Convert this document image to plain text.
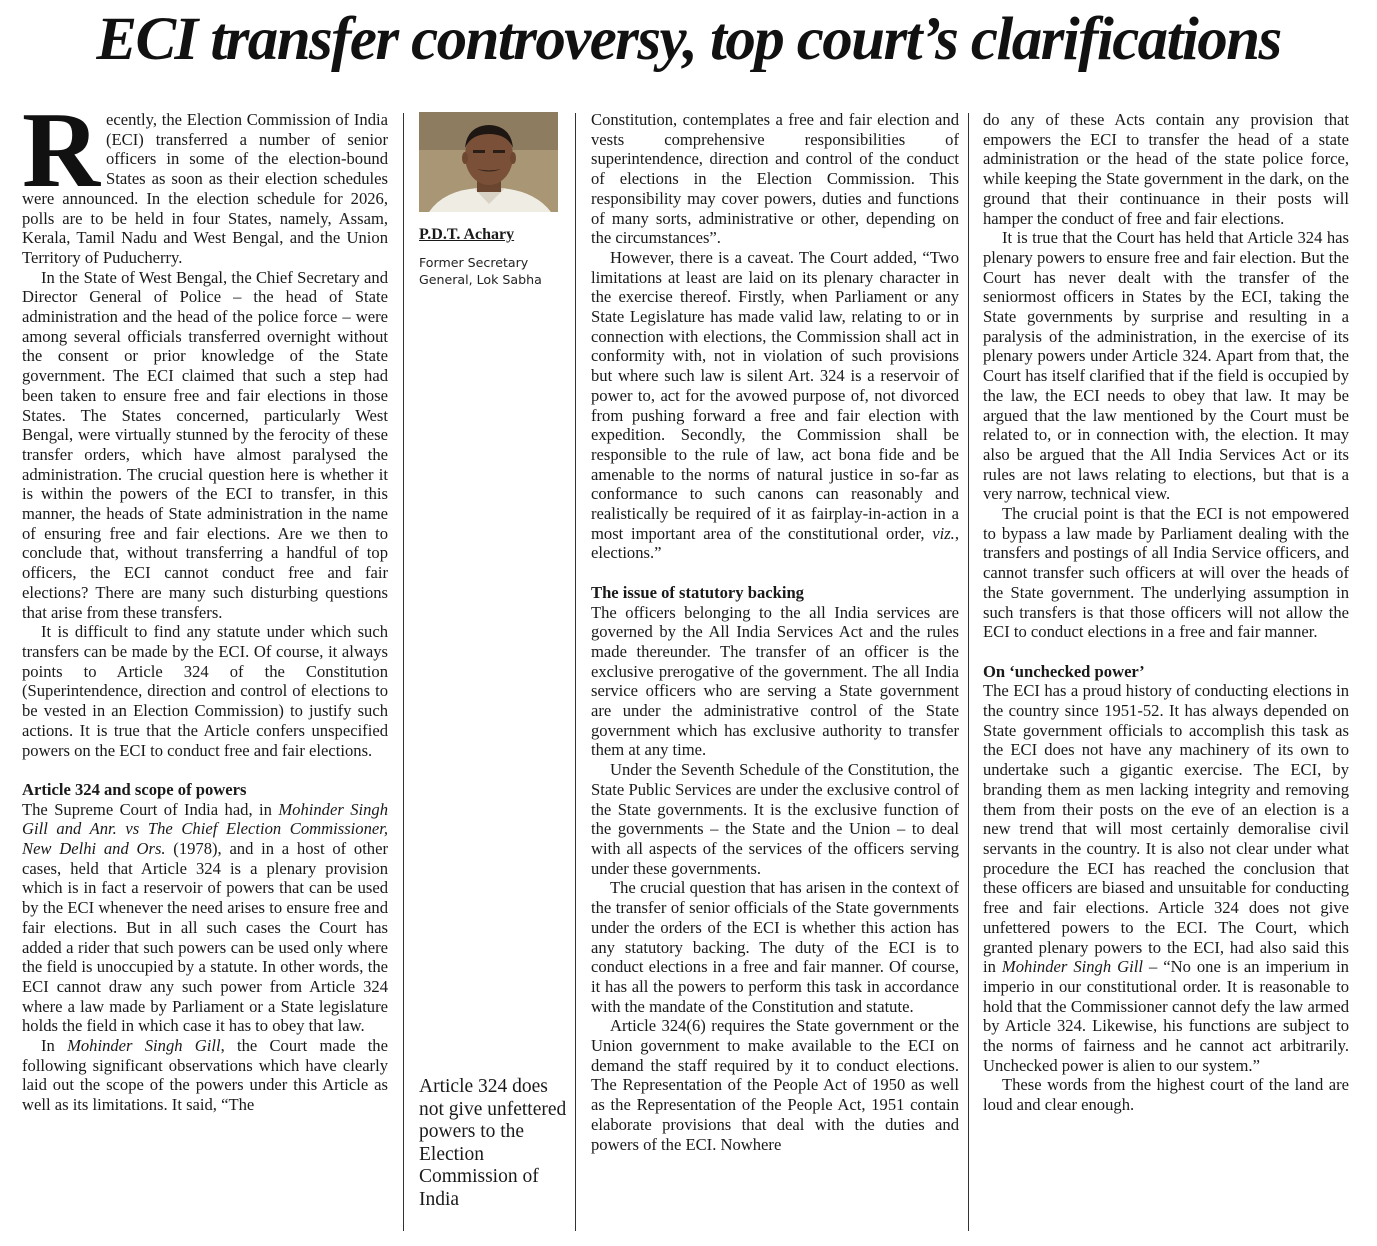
ECI transfer controversy, top court’s clarifications

Recently, the Election Commission of India (ECI) transferred a number of senior officers in some of the election-bound States as soon as their election schedules were announced. In the election schedule for 2026, polls are to be held in four States, namely, Assam, Kerala, Tamil Nadu and West Bengal, and the Union Territory of Puducherry.

In the State of West Bengal, the Chief Secretary and Director General of Police – the head of State administration and the head of the police force – were among several officials transferred overnight without the consent or prior knowledge of the State government. The ECI claimed that such a step had been taken to ensure free and fair elections in those States. The States concerned, particularly West Bengal, were virtually stunned by the ferocity of these transfer orders, which have almost paralysed the administration. The crucial question here is whether it is within the powers of the ECI to transfer, in this manner, the heads of State administration in the name of ensuring free and fair elections. Are we then to conclude that, without transferring a handful of top officers, the ECI cannot conduct free and fair elections? There are many such disturbing questions that arise from these transfers.

It is difficult to find any statute under which such transfers can be made by the ECI. Of course, it always points to Article 324 of the Constitution (Superintendence, direction and control of elections to be vested in an Election Commission) to justify such actions. It is true that the Article confers unspecified powers on the ECI to conduct free and fair elections.

Article 324 and scope of powers

The Supreme Court of India had, in Mohinder Singh Gill and Anr. vs The Chief Election Commissioner, New Delhi and Ors. (1978), and in a host of other cases, held that Article 324 is a plenary provision which is in fact a reservoir of powers that can be used by the ECI whenever the need arises to ensure free and fair elections. But in all such cases the Court has added a rider that such powers can be used only where the field is unoccupied by a statute. In other words, the ECI cannot draw any such power from Article 324 where a law made by Parliament or a State legislature holds the field in which case it has to obey that law.

In Mohinder Singh Gill, the Court made the following significant observations which have clearly laid out the scope of the powers under this Article as well as its limitations. It said, “The

P.D.T. Achary
Former Secretary General, Lok Sabha
Article 324 does not give unfettered powers to the Election Commission of India

Constitution, contemplates a free and fair election and vests comprehensive responsibilities of superintendence, direction and control of the conduct of elections in the Election Commission. This responsibility may cover powers, duties and functions of many sorts, administrative or other, depending on the circumstances”.

However, there is a caveat. The Court added, “Two limitations at least are laid on its plenary character in the exercise thereof. Firstly, when Parliament or any State Legislature has made valid law, relating to or in connection with elections, the Commission shall act in conformity with, not in violation of such provisions but where such law is silent Art. 324 is a reservoir of power to, act for the avowed purpose of, not divorced from pushing forward a free and fair election with expedition. Secondly, the Commission shall be responsible to the rule of law, act bona fide and be amenable to the norms of natural justice in so-far as conformance to such canons can reasonably and realistically be required of it as fairplay-in-action in a most important area of the constitutional order, viz., elections.”

The issue of statutory backing

The officers belonging to the all India services are governed by the All India Services Act and the rules made thereunder. The transfer of an officer is the exclusive prerogative of the government. The all India service officers who are serving a State government are under the administrative control of the State government which has exclusive authority to transfer them at any time.

Under the Seventh Schedule of the Constitution, the State Public Services are under the exclusive control of the State governments. It is the exclusive function of the governments – the State and the Union – to deal with all aspects of the services of the officers serving under these governments.

The crucial question that has arisen in the context of the transfer of senior officials of the State governments under the orders of the ECI is whether this action has any statutory backing. The duty of the ECI is to conduct elections in a free and fair manner. Of course, it has all the powers to perform this task in accordance with the mandate of the Constitution and statute.

Article 324(6) requires the State government or the Union government to make available to the ECI on demand the staff required by it to conduct elections. The Representation of the People Act of 1950 as well as the Representation of the People Act, 1951 contain elaborate provisions that deal with the duties and powers of the ECI. Nowhere

do any of these Acts contain any provision that empowers the ECI to transfer the head of a state administration or the head of the state police force, while keeping the State government in the dark, on the ground that their continuance in their posts will hamper the conduct of free and fair elections.

It is true that the Court has held that Article 324 has plenary powers to ensure free and fair election. But the Court has never dealt with the transfer of the seniormost officers in States by the ECI, taking the State governments by surprise and resulting in a paralysis of the administration, in the exercise of its plenary powers under Article 324. Apart from that, the Court has itself clarified that if the field is occupied by the law, the ECI needs to obey that law. It may be argued that the law mentioned by the Court must be related to, or in connection with, the election. It may also be argued that the All India Services Act or its rules are not laws relating to elections, but that is a very narrow, technical view.

The crucial point is that the ECI is not empowered to bypass a law made by Parliament dealing with the transfers and postings of all India Service officers, and cannot transfer such officers at will over the heads of the State government. The underlying assumption in such transfers is that those officers will not allow the ECI to conduct elections in a free and fair manner.

On ‘unchecked power’

The ECI has a proud history of conducting elections in the country since 1951-52. It has always depended on State government officials to accomplish this task as the ECI does not have any machinery of its own to undertake such a gigantic exercise. The ECI, by branding them as men lacking integrity and removing them from their posts on the eve of an election is a new trend that will most certainly demoralise civil servants in the country. It is also not clear under what procedure the ECI has reached the conclusion that these officers are biased and unsuitable for conducting free and fair elections. Article 324 does not give unfettered powers to the ECI. The Court, which granted plenary powers to the ECI, had also said this in Mohinder Singh Gill – “No one is an imperium in imperio in our constitutional order. It is reasonable to hold that the Commissioner cannot defy the law armed by Article 324. Likewise, his functions are subject to the norms of fairness and he cannot act arbitrarily. Unchecked power is alien to our system.”

These words from the highest court of the land are loud and clear enough.
